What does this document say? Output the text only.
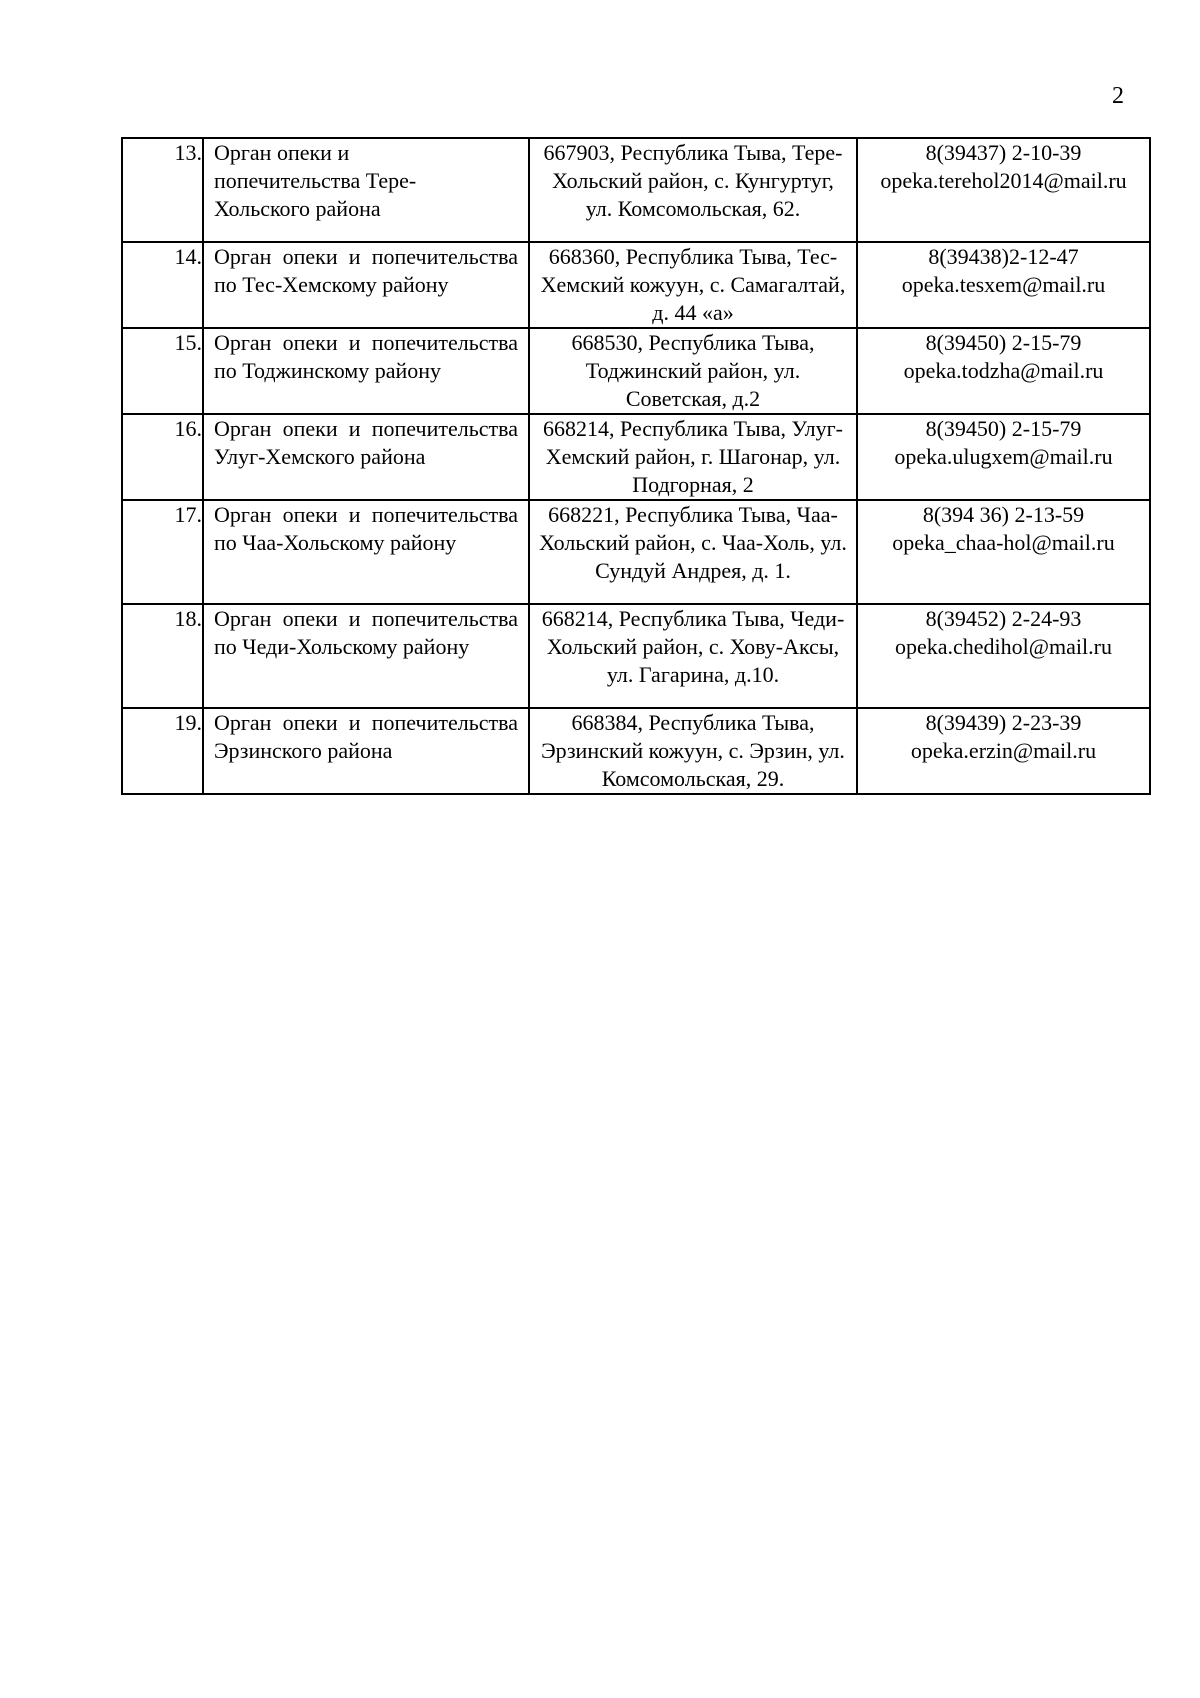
2
13.	Орган опеки и попечительства Тере-Хольского района	667903, Республика Тыва, Тере-Хольский район, с. Кунгуртуг, ул. Комсомольская, 62.	8(39437) 2-10-39
opeka.terehol2014@mail.ru

14.	Орган опеки и попечительства по Тес-Хемскому району	668360, Республика Тыва, Тес-Хемский кожуун, с. Самагалтай, д. 44 «а»	8(39438)2-12-47
opeka.tesxem@mail.ru

15.	Орган опеки и попечительства по Тоджинскому району	668530, Республика Тыва, Тоджинский район, ул. Советская, д.2	8(39450) 2-15-79
opeka.todzha@mail.ru

16.	Орган опеки и попечительства Улуг-Хемского района	668214, Республика Тыва, Улуг-Хемский район, г. Шагонар, ул. Подгорная, 2	8(39450) 2-15-79
opeka.ulugxem@mail.ru

17.	Орган опеки и попечительства по Чаа-Хольскому району	668221, Республика Тыва, Чаа-Хольский район, с. Чаа-Холь, ул. Сундуй Андрея, д. 1.	8(394 36) 2-13-59
opeka_chaa-hol@mail.ru

18.	Орган опеки и попечительства по Чеди-Хольскому району	668214, Республика Тыва, Чеди-Хольский район, с. Хову-Аксы, ул. Гагарина, д.10.	8(39452) 2-24-93
opeka.chedihol@mail.ru

19.	Орган опеки и попечительства Эрзинского района	668384, Республика Тыва, Эрзинский кожуун, с. Эрзин, ул. Комсомольская, 29.	8(39439) 2-23-39
opeka.erzin@mail.ru
